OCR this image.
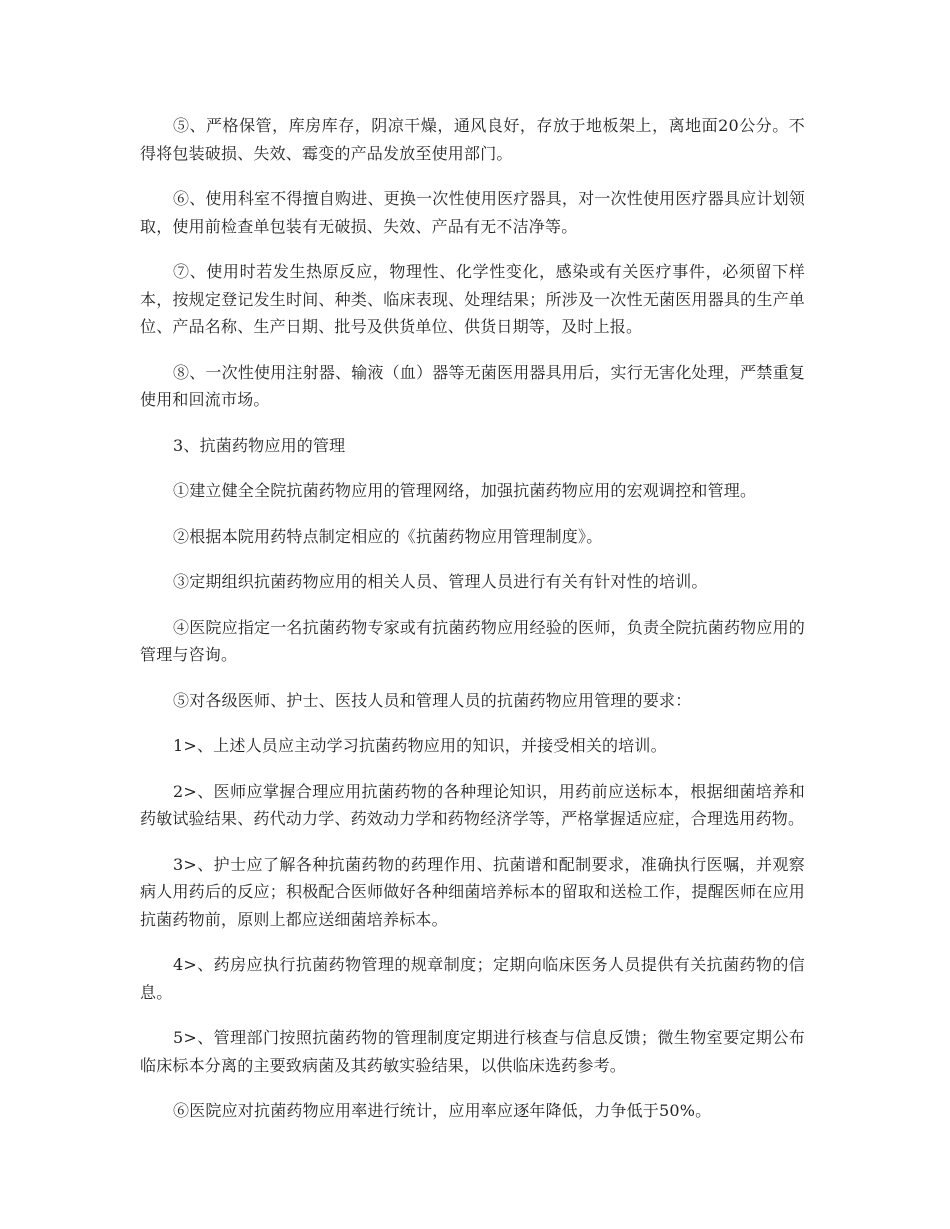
⑤、严格保管，库房库存，阴凉干燥，通风良好，存放于地板架上，离地面20公分。不得将包装破损、失效、霉变的产品发放至使用部门。

⑥、使用科室不得擅自购进、更换一次性使用医疗器具，对一次性使用医疗器具应计划领取，使用前检查单包装有无破损、失效、产品有无不洁净等。

⑦、使用时若发生热原反应，物理性、化学性变化，感染或有关医疗事件，必须留下样本，按规定登记发生时间、种类、临床表现、处理结果；所涉及一次性无菌医用器具的生产单位、产品名称、生产日期、批号及供货单位、供货日期等，及时上报。

⑧、一次性使用注射器、输液（血）器等无菌医用器具用后，实行无害化处理，严禁重复使用和回流市场。

3、抗菌药物应用的管理

①建立健全全院抗菌药物应用的管理网络，加强抗菌药物应用的宏观调控和管理。

②根据本院用药特点制定相应的《抗菌药物应用管理制度》。

③定期组织抗菌药物应用的相关人员、管理人员进行有关有针对性的培训。

④医院应指定一名抗菌药物专家或有抗菌药物应用经验的医师，负责全院抗菌药物应用的管理与咨询。

⑤对各级医师、护士、医技人员和管理人员的抗菌药物应用管理的要求：

1>、上述人员应主动学习抗菌药物应用的知识，并接受相关的培训。

2>、医师应掌握合理应用抗菌药物的各种理论知识，用药前应送标本，根据细菌培养和药敏试验结果、药代动力学、药效动力学和药物经济学等，严格掌握适应症，合理选用药物。

3>、护士应了解各种抗菌药物的药理作用、抗菌谱和配制要求，准确执行医嘱，并观察病人用药后的反应；积极配合医师做好各种细菌培养标本的留取和送检工作，提醒医师在应用抗菌药物前，原则上都应送细菌培养标本。

4>、药房应执行抗菌药物管理的规章制度；定期向临床医务人员提供有关抗菌药物的信息。

5>、管理部门按照抗菌药物的管理制度定期进行核查与信息反馈；微生物室要定期公布临床标本分离的主要致病菌及其药敏实验结果，以供临床选药参考。

⑥医院应对抗菌药物应用率进行统计，应用率应逐年降低，力争低于50%。
